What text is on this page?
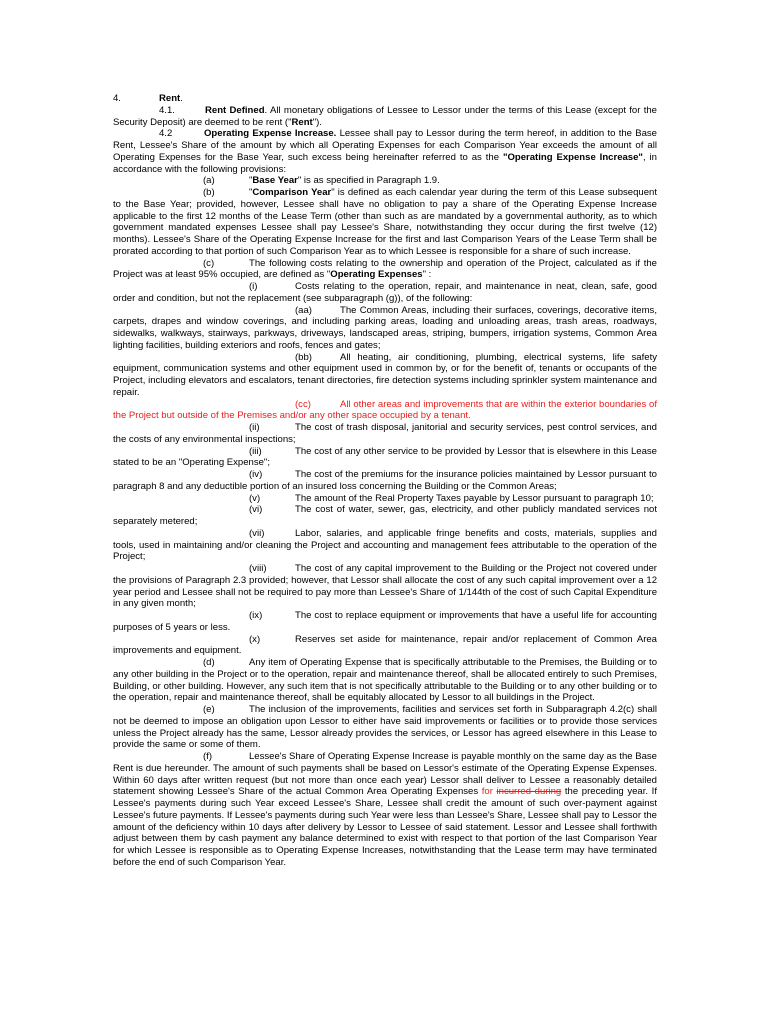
4.	Rent.

4.1.	Rent Defined. All monetary obligations of Lessee to Lessor under the terms of this Lease (except for the Security Deposit) are deemed to be rent ("Rent").

4.2	Operating Expense Increase. Lessee shall pay to Lessor during the term hereof, in addition to the Base Rent, Lessee's Share of the amount by which all Operating Expenses for each Comparison Year exceeds the amount of all Operating Expenses for the Base Year, such excess being hereinafter referred to as the "Operating Expense Increase", in accordance with the following provisions:

(a)	"Base Year" is as specified in Paragraph 1.9.

(b)	"Comparison Year" is defined as each calendar year during the term of this Lease subsequent to the Base Year; provided, however, Lessee shall have no obligation to pay a share of the Operating Expense Increase applicable to the first 12 months of the Lease Term (other than such as are mandated by a governmental authority, as to which government mandated expenses Lessee shall pay Lessee's Share, notwithstanding they occur during the first twelve (12) months). Lessee's Share of the Operating Expense Increase for the first and last Comparison Years of the Lease Term shall be prorated according to that portion of such Comparison Year as to which Lessee is responsible for a share of such increase.

(c)	The following costs relating to the ownership and operation of the Project, calculated as if the Project was at least 95% occupied, are defined as "Operating Expenses" :

(i)	Costs relating to the operation, repair, and maintenance in neat, clean, safe, good order and condition, but not the replacement (see subparagraph (g)), of the following:

(aa)	The Common Areas, including their surfaces, coverings, decorative items, carpets, drapes and window coverings, and including parking areas, loading and unloading areas, trash areas, roadways, sidewalks, walkways, stairways, parkways, driveways, landscaped areas, striping, bumpers, irrigation systems, Common Area lighting facilities, building exteriors and roofs, fences and gates;

(bb)	All heating, air conditioning, plumbing, electrical systems, life safety equipment, communication systems and other equipment used in common by, or for the benefit of, tenants or occupants of the Project, including elevators and escalators, tenant directories, fire detection systems including sprinkler system maintenance and repair.

(cc)	All other areas and improvements that are within the exterior boundaries of the Project but outside of the Premises and/or any other space occupied by a tenant.

(ii)	The cost of trash disposal, janitorial and security services, pest control services, and the costs of any environmental inspections;

(iii)	The cost of any other service to be provided by Lessor that is elsewhere in this Lease stated to be an "Operating Expense";

(iv)	The cost of the premiums for the insurance policies maintained by Lessor pursuant to paragraph 8 and any deductible portion of an insured loss concerning the Building or the Common Areas;

(v)	The amount of the Real Property Taxes payable by Lessor pursuant to paragraph 10;

(vi)	The cost of water, sewer, gas, electricity, and other publicly mandated services not separately metered;

(vii)	Labor, salaries, and applicable fringe benefits and costs, materials, supplies and tools, used in maintaining and/or cleaning the Project and accounting and management fees attributable to the operation of the Project;

(viii)	The cost of any capital improvement to the Building or the Project not covered under the provisions of Paragraph 2.3 provided; however, that Lessor shall allocate the cost of any such capital improvement over a 12 year period and Lessee shall not be required to pay more than Lessee's Share of 1/144th of the cost of such Capital Expenditure in any given month;

(ix)	The cost to replace equipment or improvements that have a useful life for accounting purposes of 5 years or less.

(x)	Reserves set aside for maintenance, repair and/or replacement of Common Area improvements and equipment.

(d)	Any item of Operating Expense that is specifically attributable to the Premises, the Building or to any other building in the Project or to the operation, repair and maintenance thereof, shall be allocated entirely to such Premises, Building, or other building. However, any such item that is not specifically attributable to the Building or to any other building or to the operation, repair and maintenance thereof, shall be equitably allocated by Lessor to all buildings in the Project.

(e)	The inclusion of the improvements, facilities and services set forth in Subparagraph 4.2(c) shall not be deemed to impose an obligation upon Lessor to either have said improvements or facilities or to provide those services unless the Project already has the same, Lessor already provides the services, or Lessor has agreed elsewhere in this Lease to provide the same or some of them.

(f)	Lessee's Share of Operating Expense Increase is payable monthly on the same day as the Base Rent is due hereunder. The amount of such payments shall be based on Lessor's estimate of the Operating Expense Expenses. Within 60 days after written request (but not more than once each year) Lessor shall deliver to Lessee a reasonably detailed statement showing Lessee's Share of the actual Common Area Operating Expenses for incurred during the preceding year. If Lessee's payments during such Year exceed Lessee's Share, Lessee shall credit the amount of such over-payment against Lessee's future payments. If Lessee's payments during such Year were less than Lessee's Share, Lessee shall pay to Lessor the amount of the deficiency within 10 days after delivery by Lessor to Lessee of said statement. Lessor and Lessee shall forthwith adjust between them by cash payment any balance determined to exist with respect to that portion of the last Comparison Year for which Lessee is responsible as to Operating Expense Increases, notwithstanding that the Lease term may have terminated before the end of such Comparison Year.
